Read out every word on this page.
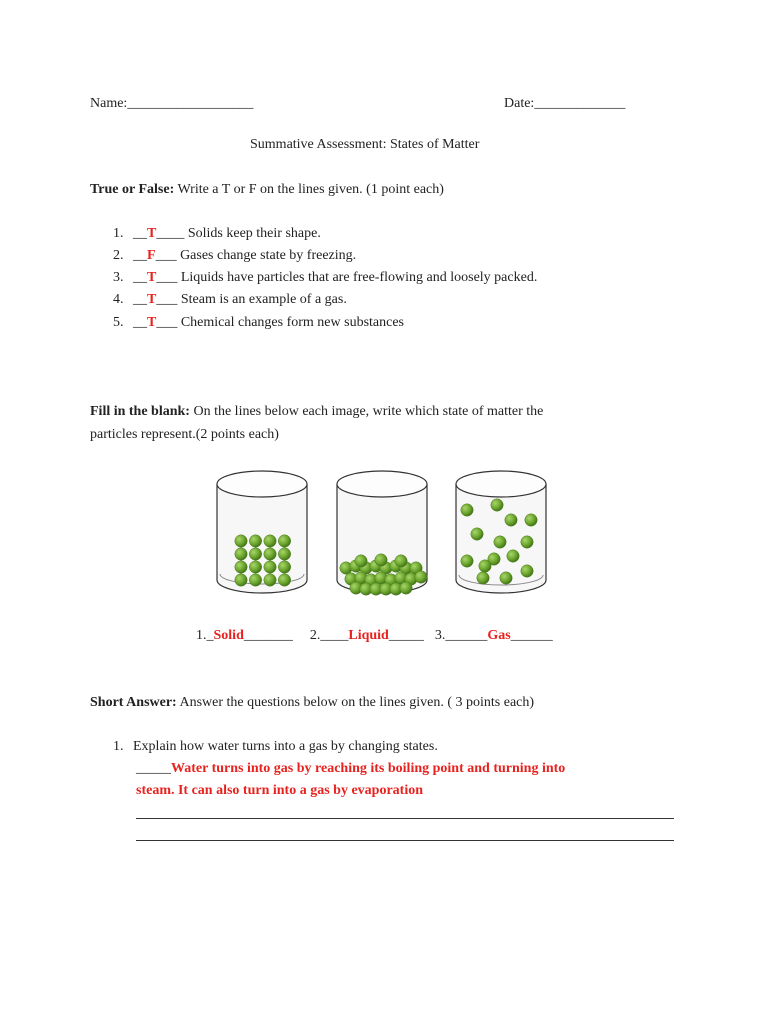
Name:__________________	Date:_____________
Summative Assessment: States of Matter
True or False: Write a T or F on the lines given. (1 point each)
1. __T____ Solids keep their shape.
2. __F___ Gases change state by freezing.
3. __T___ Liquids have particles that are free-flowing and loosely packed.
4. __T___ Steam is an example of a gas.
5. __T___ Chemical changes form new substances
Fill in the blank: On the lines below each image, write which state of matter the
particles represent.(2 points each)
1._Solid_______ 2.____Liquid_____ 3.______Gas______
Short Answer: Answer the questions below on the lines given. ( 3 points each)
1. Explain how water turns into a gas by changing states.
_____Water turns into gas by reaching its boiling point and turning into
steam. It can also turn into a gas by evaporation
